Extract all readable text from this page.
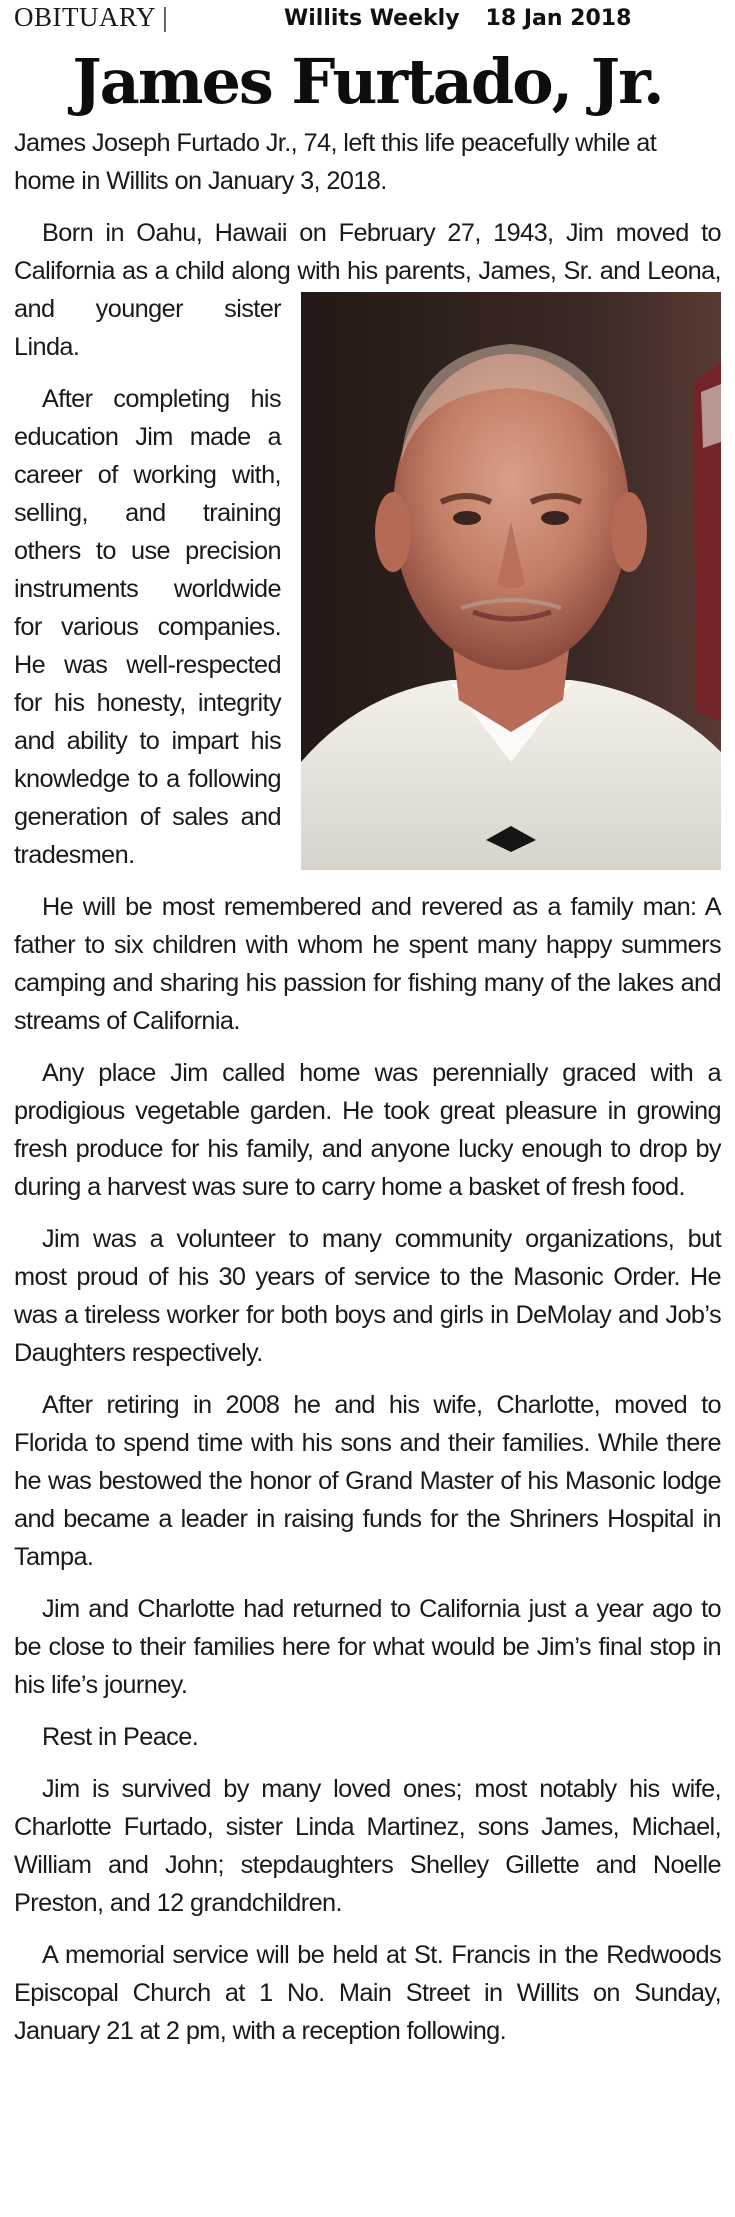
OBITUARY |	Willits Weekly 18 Jan 2018
James Furtado, Jr.

James Joseph Furtado Jr., 74, left this life peacefully while at home in Willits on January 3, 2018.

Born in Oahu, Hawaii on February 27, 1943, Jim moved to California as a child along with his parents, James,
Sr. and Leona, and younger sister Linda.

After completing his education Jim made a career of working with, selling, and training others to use precision instruments worldwide for various companies. He was well-respected for his honesty, integrity and ability to impart his knowledge to a following generation of sales and tradesmen.

He will be most remembered and revered as a family man: A father to six children with whom he spent many happy summers camping and sharing his passion for fishing many of the lakes and streams of California.

Any place Jim called home was perennially graced with a prodigious vegetable garden. He took great pleasure in growing fresh produce for his family, and anyone lucky enough to drop by during a harvest was sure to carry home a basket of fresh food.

Jim was a volunteer to many community organizations, but most proud of his 30 years of service to the Masonic Order. He was a tireless worker for both boys and girls in DeMolay and Job’s Daughters respectively.

After retiring in 2008 he and his wife, Charlotte, moved to Florida to spend time with his sons and their families. While there he was bestowed the honor of Grand Master of his Masonic lodge and became a leader in raising funds for the Shriners Hospital in Tampa.

Jim and Charlotte had returned to California just a year ago to be close to their families here for what would be Jim’s final stop in his life’s journey.

Rest in Peace.

Jim is survived by many loved ones; most notably his wife, Charlotte Furtado, sister Linda Martinez, sons James, Michael, William and John; stepdaughters Shelley Gillette and Noelle Preston, and 12 grandchildren.

A memorial service will be held at St. Francis in the Redwoods Episcopal Church at 1 No. Main Street in Willits on Sunday, January 21 at 2 pm, with a reception following.
